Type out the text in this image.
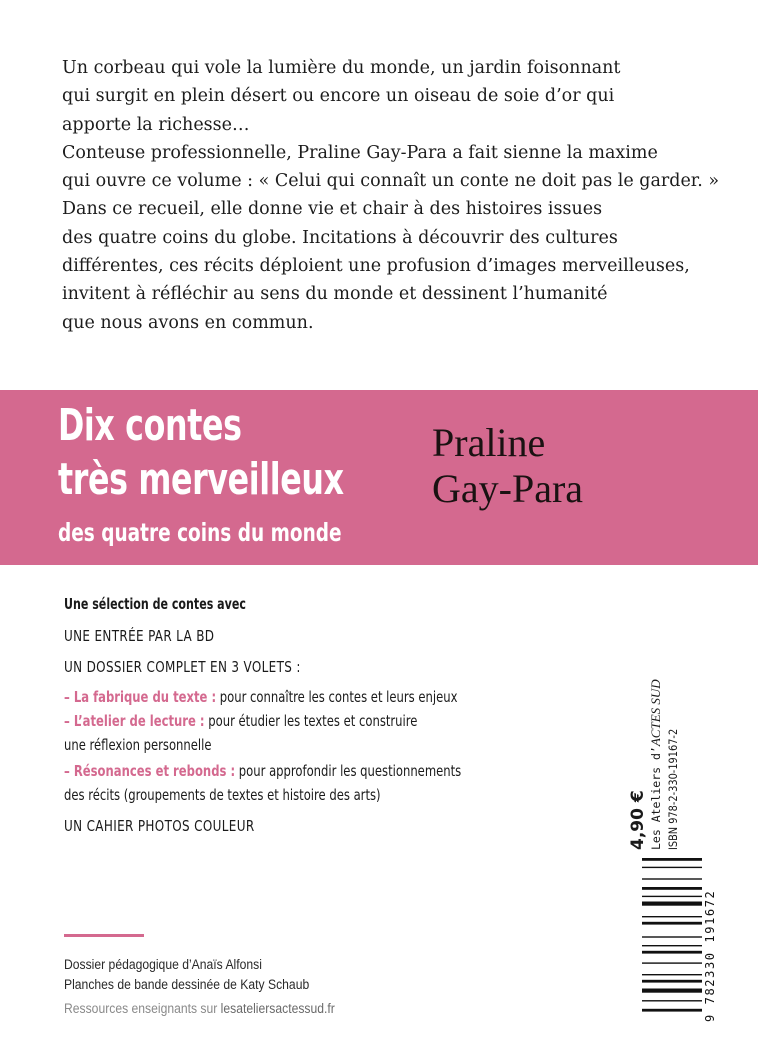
Un corbeau qui vole la lumière du monde, un jardin foisonnant

qui surgit en plein désert ou encore un oiseau de soie d’or qui

apporte la richesse…

Conteuse professionnelle, Praline Gay-Para a fait sienne la maxime

qui ouvre ce volume : « Celui qui connaît un conte ne doit pas le garder. »

Dans ce recueil, elle donne vie et chair à des histoires issues

des quatre coins du globe. Incitations à découvrir des cultures

différentes, ces récits déploient une profusion d’images merveilleuses,

invitent à réfléchir au sens du monde et dessinent l’humanité

que nous avons en commun.

Dix contes
très merveilleux
des quatre coins du monde
Praline
Gay-Para

Une sélection de contes avec

UNE ENTRÉE PAR LA BD

UN DOSSIER COMPLET EN 3 VOLETS :

– La fabrique du texte : pour connaître les contes et leurs enjeux
– L’atelier de lecture : pour étudier les textes et construire
une réflexion personnelle
– Résonances et rebonds : pour approfondir les questionnements
des récits (groupements de textes et histoire des arts)

UN CAHIER PHOTOS COULEUR

Dossier pédagogique d’Anaïs Alfonsi
Planches de bande dessinée de Katy Schaub
Ressources enseignants sur lesateliersactessud.fr
4,90 € Les Ateliers d’ACTES SUD
ISBN 978-2-330-19167-2
9 782330 191672
